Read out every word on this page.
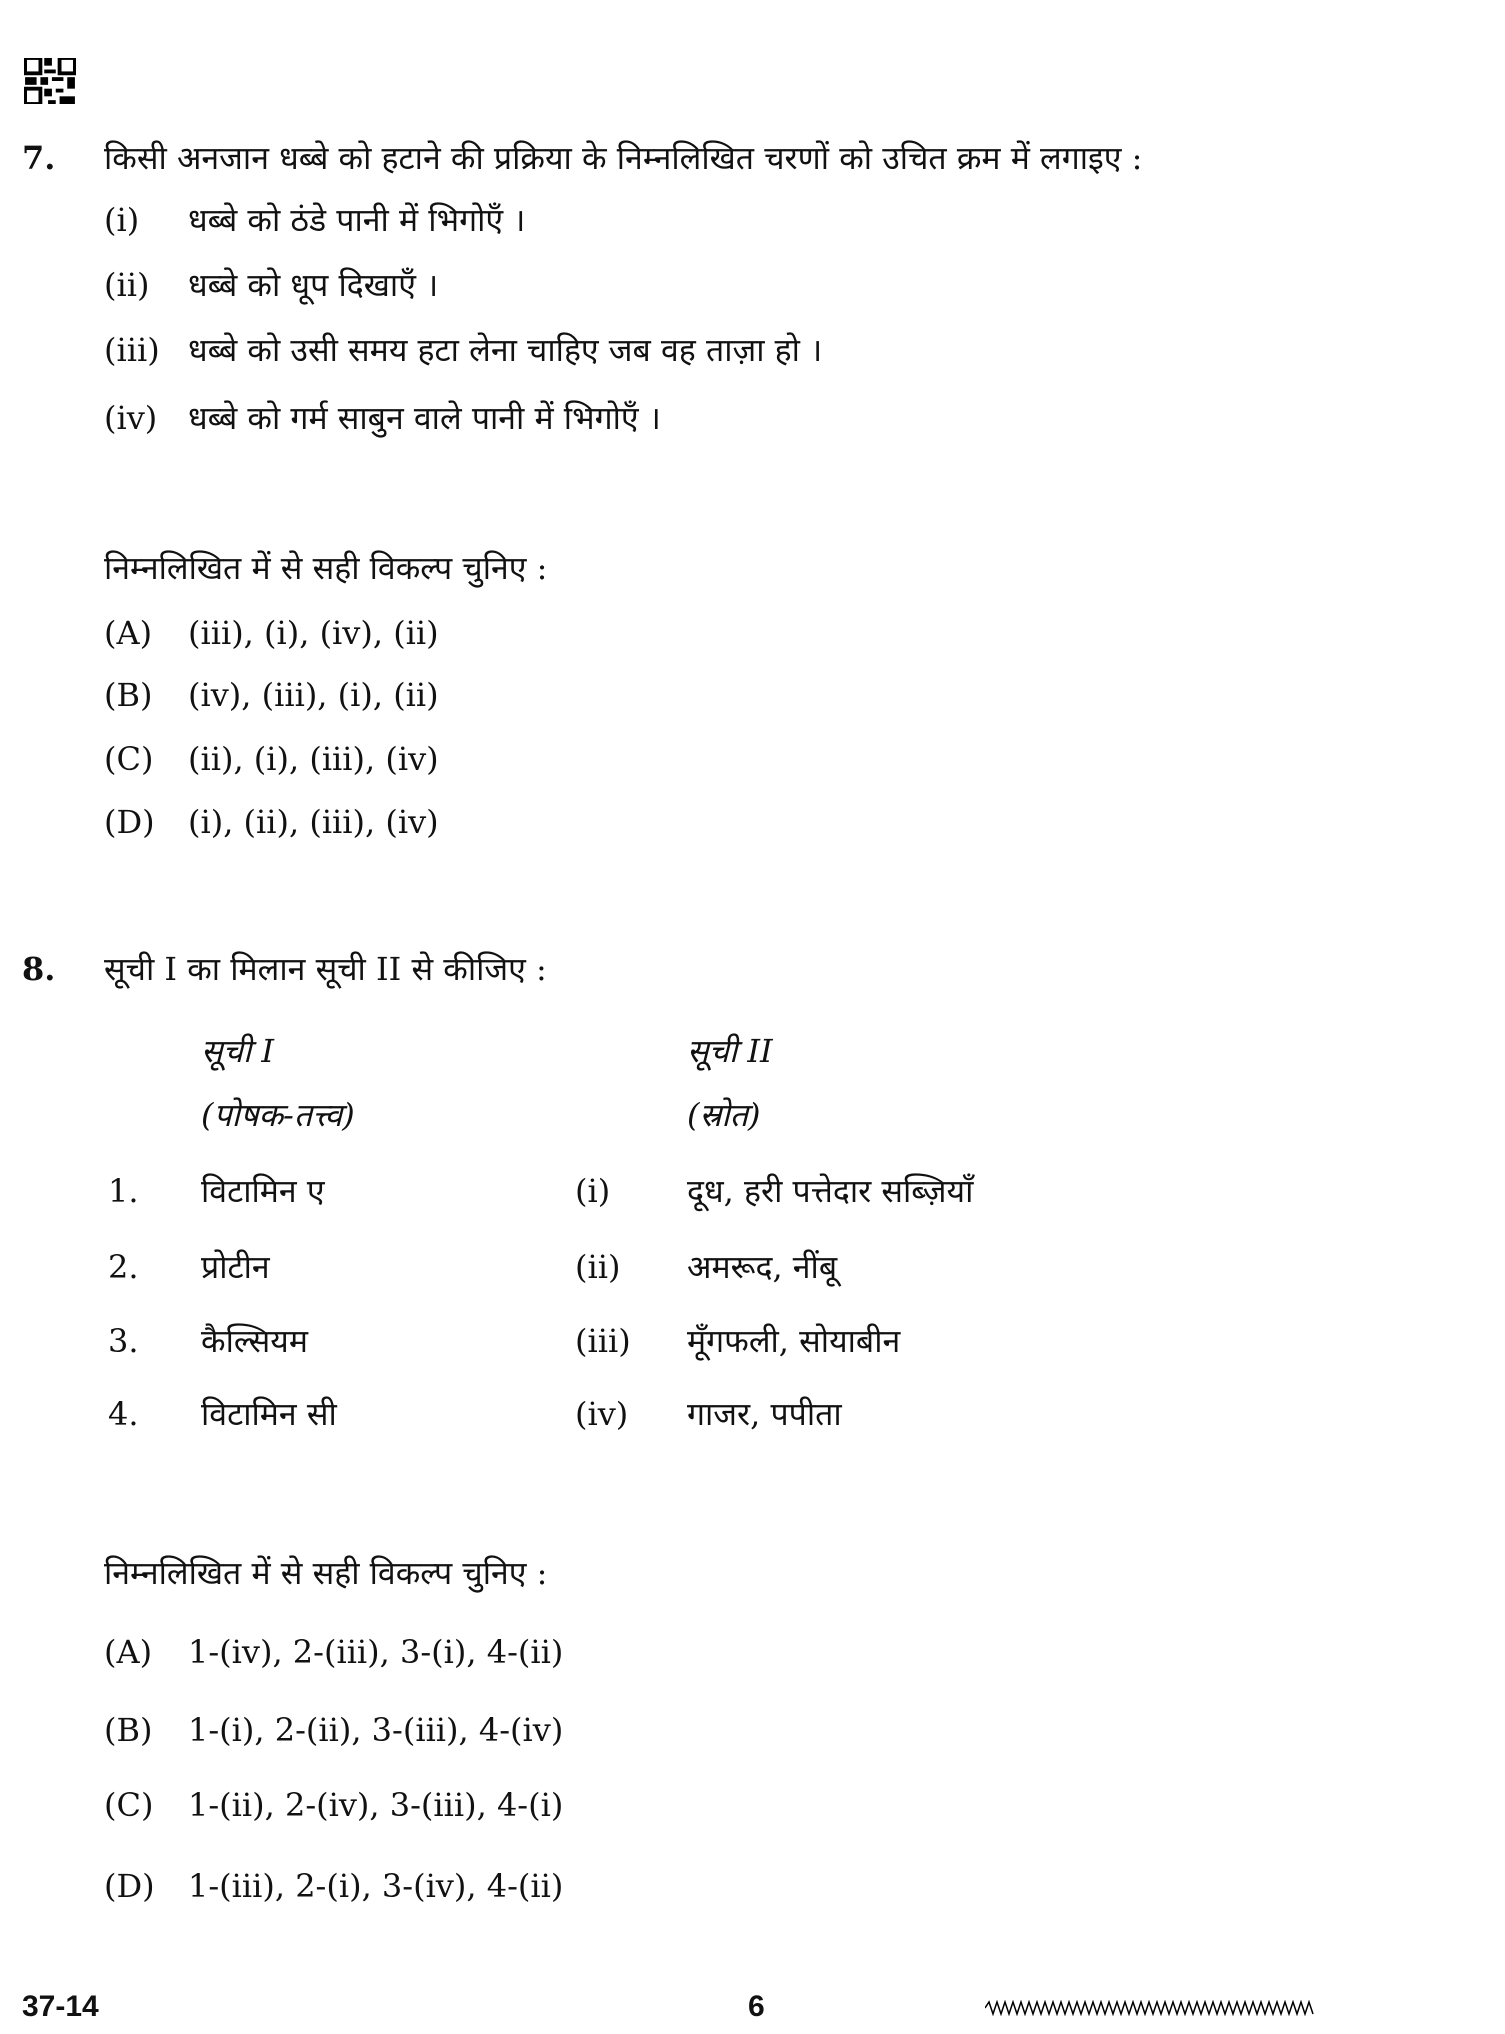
7. किसी अनजान धब्बे को हटाने की प्रक्रिया के निम्नलिखित चरणों को उचित क्रम में लगाइए :
(i) धब्बे को ठंडे पानी में भिगोएँ ।
(ii) धब्बे को धूप दिखाएँ ।
(iii) धब्बे को उसी समय हटा लेना चाहिए जब वह ताज़ा हो ।
(iv) धब्बे को गर्म साबुन वाले पानी में भिगोएँ ।
निम्नलिखित में से सही विकल्प चुनिए :
(A) (iii), (i), (iv), (ii)
(B) (iv), (iii), (i), (ii)
(C) (ii), (i), (iii), (iv)
(D) (i), (ii), (iii), (iv)
8. सूची I का मिलान सूची II से कीजिए :
सूची I
(पोषक-तत्त्व)
सूची II
(स्रोत)
1. विटामिन ए	(i) दूध, हरी पत्तेदार सब्ज़ियाँ
2. प्रोटीन	(ii) अमरूद, नींबू
3. कैल्सियम	(iii) मूँगफली, सोयाबीन
4. विटामिन सी	(iv) गाजर, पपीता
निम्नलिखित में से सही विकल्प चुनिए :
(A) 1-(iv), 2-(iii), 3-(i), 4-(ii)
(B) 1-(i), 2-(ii), 3-(iii), 4-(iv)
(C) 1-(ii), 2-(iv), 3-(iii), 4-(i)
(D) 1-(iii), 2-(i), 3-(iv), 4-(ii)
37-14	6
